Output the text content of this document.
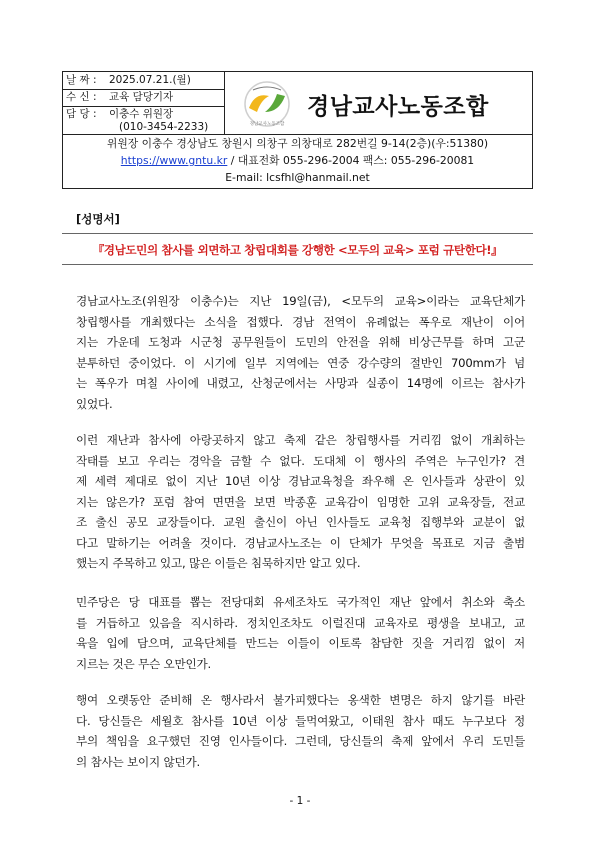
날 짜 : 2025.07.21.(월)
수 신 : 교육 담당기자
담 당 : 이충수 위원장
(010-3454-2233)	경남교사노동조합
경남교사노동조합
위원장 이충수 경상남도 창원시 의창구 의창대로 282번길 9-14(2층)(우:51380)
https://www.gntu.kr / 대표전화 055-296-2004 팩스: 055-296-20081
E-mail: lcsfhl@hanmail.net
[성명서]
『경남도민의 참사를 외면하고 창립대회를 강행한 <모두의 교육> 포럼 규탄한다!』
경남교사노조(위원장 이충수)는 지난 19일(금), <모두의 교육>이라는 교육단체가
창립행사를 개최했다는 소식을 접했다. 경남 전역이 유례없는 폭우로 재난이 이어
지는 가운데 도청과 시군청 공무원들이 도민의 안전을 위해 비상근무를 하며 고군
분투하던 중이었다. 이 시기에 일부 지역에는 연중 강수량의 절반인 700mm가 넘
는 폭우가 며칠 사이에 내렸고, 산청군에서는 사망과 실종이 14명에 이르는 참사가
있었다.
이런 재난과 참사에 아랑곳하지 않고 축제 같은 창립행사를 거리낌 없이 개최하는
작태를 보고 우리는 경악을 금할 수 없다. 도대체 이 행사의 주역은 누구인가? 견
제 세력 제대로 없이 지난 10년 이상 경남교육청을 좌우해 온 인사들과 상관이 있
지는 않은가? 포럼 참여 면면을 보면 박종훈 교육감이 임명한 고위 교육장들, 전교
조 출신 공모 교장들이다. 교원 출신이 아닌 인사들도 교육청 집행부와 교분이 없
다고 말하기는 어려울 것이다. 경남교사노조는 이 단체가 무엇을 목표로 지금 출범
했는지 주목하고 있고, 많은 이들은 침묵하지만 알고 있다.
민주당은 당 대표를 뽑는 전당대회 유세조차도 국가적인 재난 앞에서 취소와 축소
를 거듭하고 있음을 직시하라. 정치인조차도 이럴진대 교육자로 평생을 보내고, 교
육을 입에 담으며, 교육단체를 만드는 이들이 이토록 참담한 짓을 거리낌 없이 저
지르는 것은 무슨 오만인가.
행여 오랫동안 준비해 온 행사라서 불가피했다는 옹색한 변명은 하지 않기를 바란
다. 당신들은 세월호 참사를 10년 이상 들먹여왔고, 이태원 참사 때도 누구보다 정
부의 책임을 요구했던 진영 인사들이다. 그런데, 당신들의 축제 앞에서 우리 도민들
의 참사는 보이지 않던가.
- 1 -
